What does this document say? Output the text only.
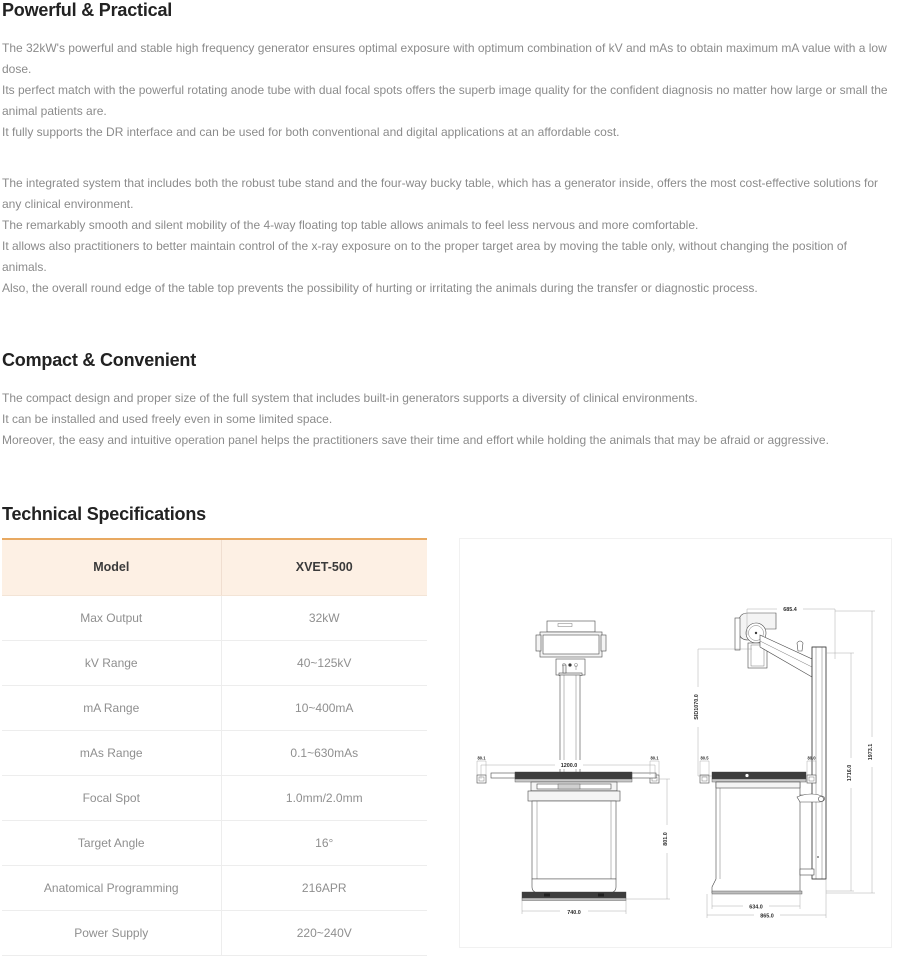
Powerful & Practical

The 32kW's powerful and stable high frequency generator ensures optimal exposure with optimum combination of kV and mAs to obtain maximum mA value with a low dose.

Its perfect match with the powerful rotating anode tube with dual focal spots offers the superb image quality for the confident diagnosis no matter how large or small the animal patients are.

It fully supports the DR interface and can be used for both conventional and digital applications at an affordable cost.

The integrated system that includes both the robust tube stand and the four-way bucky table, which has a generator inside, offers the most cost-effective solutions for any clinical environment.

The remarkably smooth and silent mobility of the 4-way floating top table allows animals to feel less nervous and more comfortable.

It allows also practitioners to better maintain control of the x-ray exposure on to the proper target area by moving the table only, without changing the position of animals.

Also, the overall round edge of the table top prevents the possibility of hurting or irritating the animals during the transfer or diagnostic process.

Compact & Convenient

The compact design and proper size of the full system that includes built-in generators supports a diversity of clinical environments.

It can be installed and used freely even in some limited space.

Moreover, the easy and intuitive operation panel helps the practitioners save their time and effort while holding the animals that may be afraid or aggressive.

Technical Specifications
Model	XVET-500
Max Output	32kW
kV Range	40~125kV
mA Range	10~400mA
mAs Range	0.1~630mAs
Focal Spot	1.0mm/2.0mm
Target Angle	16°
Anatomical Programming	216APR
Power Supply	220~240V
1200.0
80.1	80.1
740.0
801.0
685.4
SID1070.0
80.5	80.0
634.0
865.0
1716.0
1973.1
